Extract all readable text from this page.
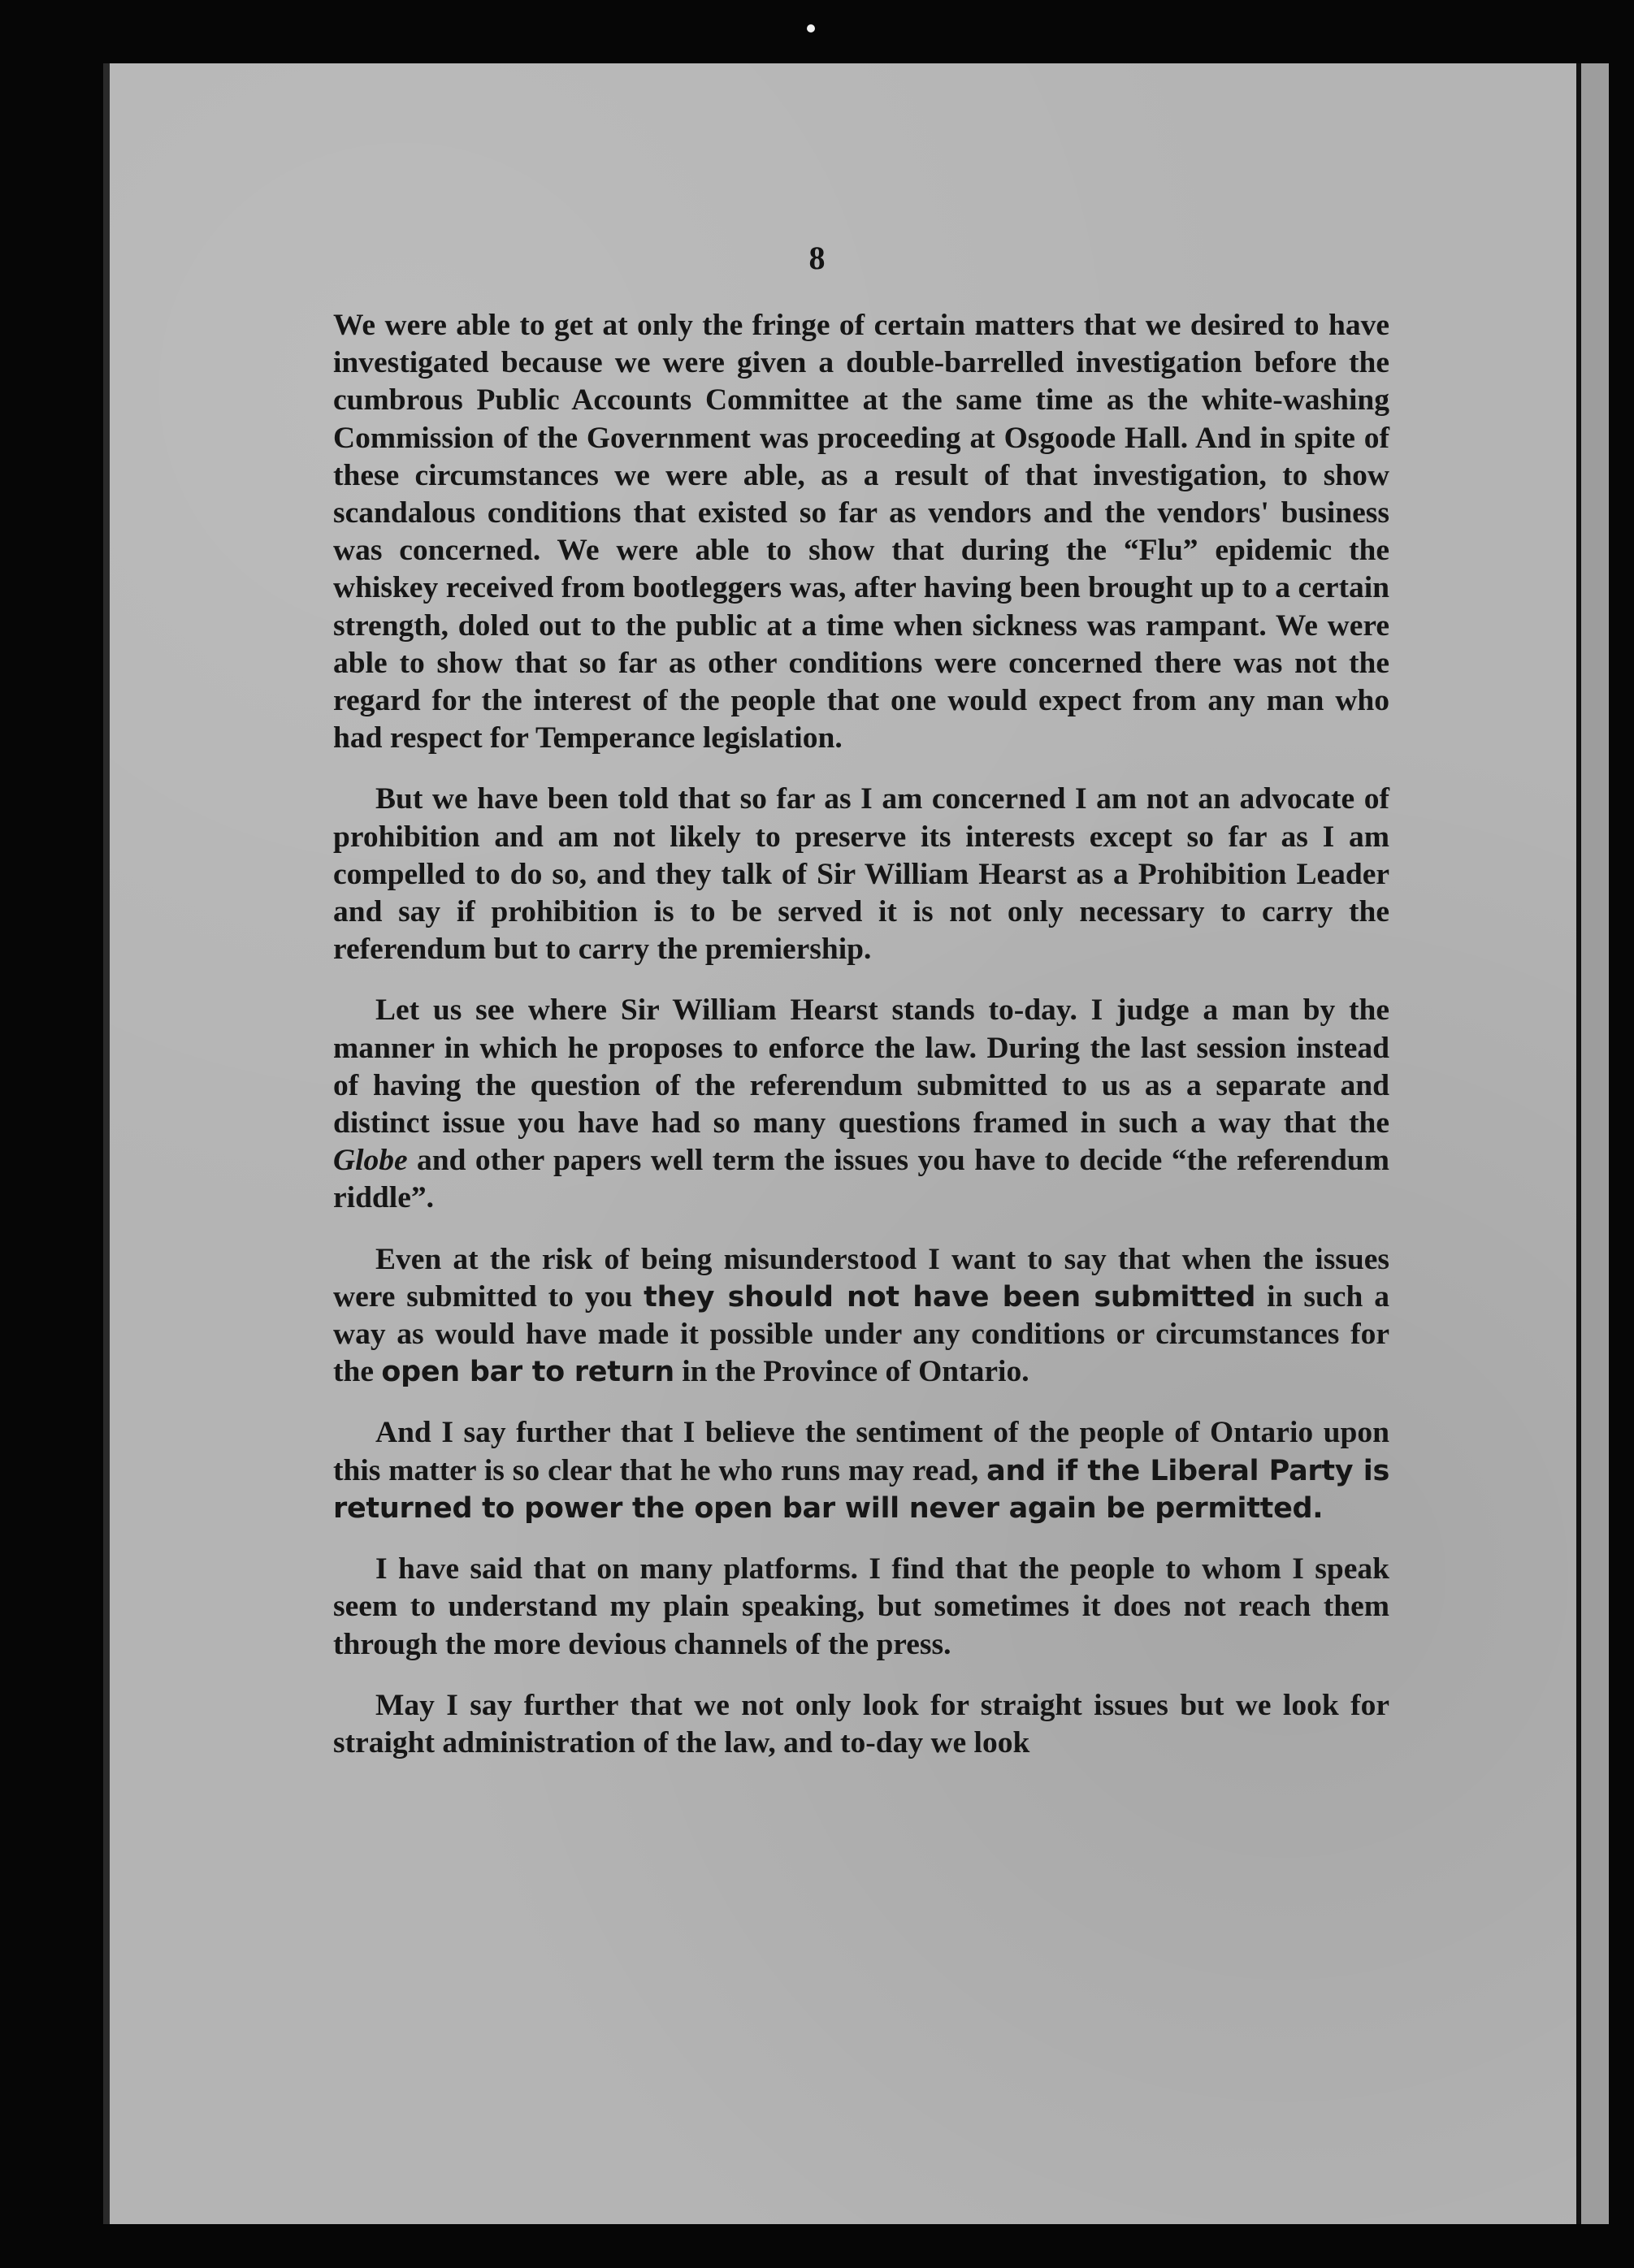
8

We were able to get at only the fringe of certain matters that we desired to have investigated because we were given a double-barrelled investigation before the cumbrous Public Accounts Committee at the same time as the white-washing Commission of the Government was proceeding at Osgoode Hall. And in spite of these circumstances we were able, as a result of that investigation, to show scandalous conditions that existed so far as vendors and the vendors' business was concerned. We were able to show that during the “Flu” epidemic the whiskey received from bootleggers was, after having been brought up to a certain strength, doled out to the public at a time when sickness was rampant. We were able to show that so far as other conditions were concerned there was not the regard for the interest of the people that one would expect from any man who had respect for Temperance legislation.

But we have been told that so far as I am concerned I am not an advocate of prohibition and am not likely to preserve its interests except so far as I am compelled to do so, and they talk of Sir William Hearst as a Prohibition Leader and say if prohibition is to be served it is not only necessary to carry the referendum but to carry the premiership.

Let us see where Sir William Hearst stands to-day. I judge a man by the manner in which he proposes to enforce the law. During the last session instead of having the question of the referendum submitted to us as a separate and distinct issue you have had so many questions framed in such a way that the Globe and other papers well term the issues you have to decide “the referendum riddle”.

Even at the risk of being misunderstood I want to say that when the issues were submitted to you they should not have been submitted in such a way as would have made it possible under any conditions or circumstances for the open bar to return in the Province of Ontario.

And I say further that I believe the sentiment of the people of Ontario upon this matter is so clear that he who runs may read, and if the Liberal Party is returned to power the open bar will never again be permitted.

I have said that on many platforms. I find that the people to whom I speak seem to understand my plain speaking, but sometimes it does not reach them through the more devious channels of the press.

May I say further that we not only look for straight issues but we look for straight administration of the law, and to-day we look
